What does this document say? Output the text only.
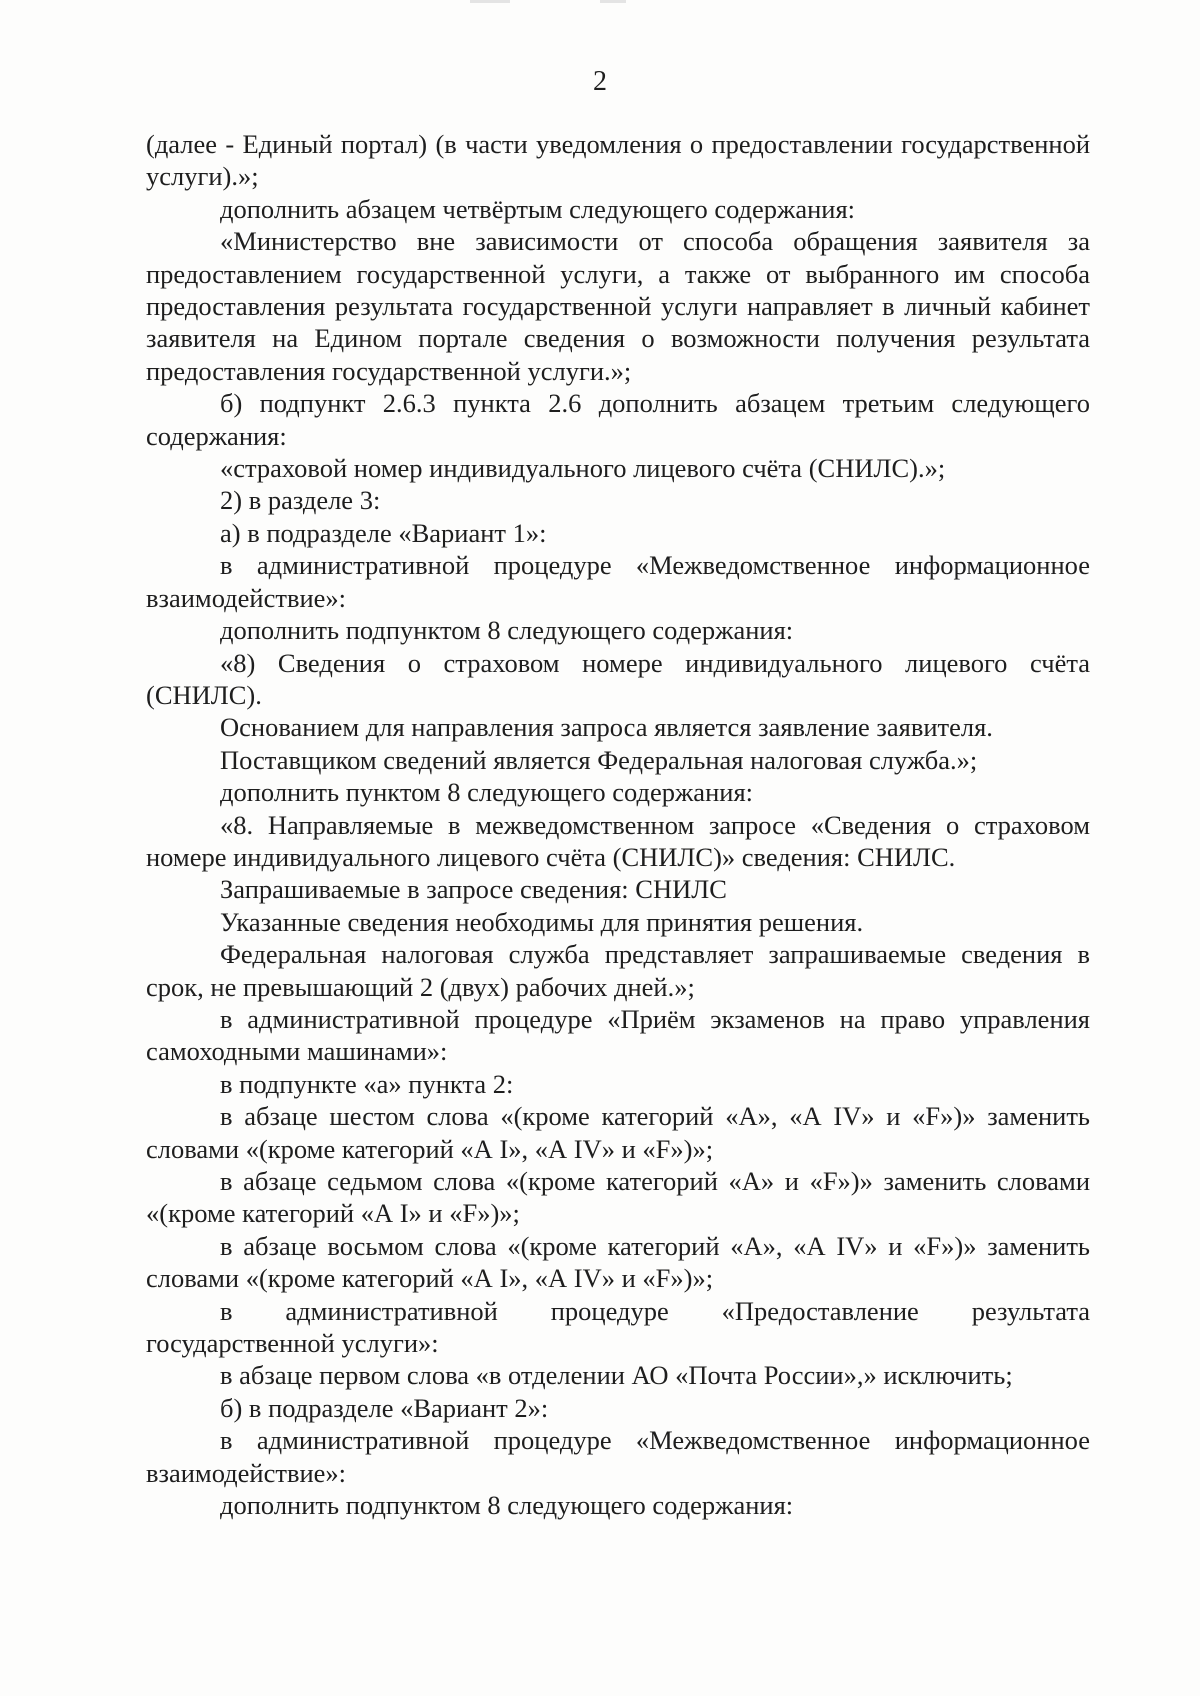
2

(далее - Единый портал) (в части уведомления о предоставлении государственной услуги).»;

дополнить абзацем четвёртым следующего содержания:

«Министерство вне зависимости от способа обращения заявителя за предоставлением государственной услуги, а также от выбранного им способа предоставления результата государственной услуги направляет в личный кабинет заявителя на Едином портале сведения о возможности получения результата предоставления государственной услуги.»;

б) подпункт 2.6.3 пункта 2.6 дополнить абзацем третьим следующего содержания:

«страховой номер индивидуального лицевого счёта (СНИЛС).»;

2) в разделе 3:

а) в подразделе «Вариант 1»:

в административной процедуре «Межведомственное информационное взаимодействие»:

дополнить подпунктом 8 следующего содержания:

«8) Сведения о страховом номере индивидуального лицевого счёта (СНИЛС).

Основанием для направления запроса является заявление заявителя.

Поставщиком сведений является Федеральная налоговая служба.»;

дополнить пунктом 8 следующего содержания:

«8. Направляемые в межведомственном запросе «Сведения о страховом номере индивидуального лицевого счёта (СНИЛС)» сведения: СНИЛС.

Запрашиваемые в запросе сведения: СНИЛС

Указанные сведения необходимы для принятия решения.

Федеральная налоговая служба представляет запрашиваемые сведения в срок, не превышающий 2 (двух) рабочих дней.»;

в административной процедуре «Приём экзаменов на право управления самоходными машинами»:

в подпункте «а» пункта 2:

в абзаце шестом слова «(кроме категорий «А», «А IV» и «F»)» заменить словами «(кроме категорий «А I», «А IV» и «F»)»;

в абзаце седьмом слова «(кроме категорий «А» и «F»)» заменить словами «(кроме категорий «А I» и «F»)»;

в абзаце восьмом слова «(кроме категорий «А», «А IV» и «F»)» заменить словами «(кроме категорий «А I», «А IV» и «F»)»;

в административной процедуре «Предоставление результата государственной услуги»:

в абзаце первом слова «в отделении АО «Почта России»,» исключить;

б) в подразделе «Вариант 2»:

в административной процедуре «Межведомственное информационное взаимодействие»:

дополнить подпунктом 8 следующего содержания:
